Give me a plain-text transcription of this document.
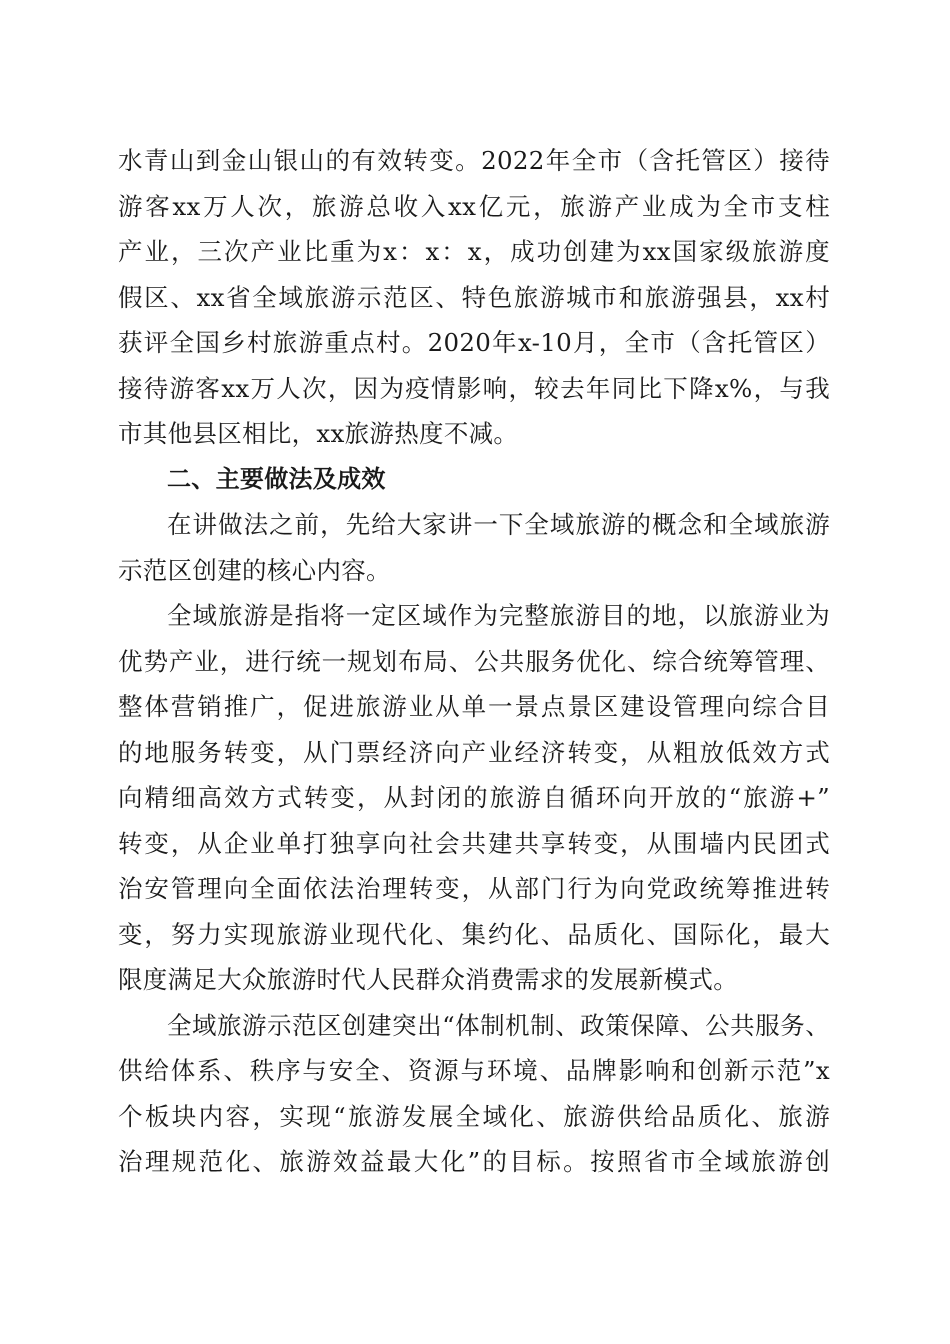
水青山到金山银山的有效转变。2022年全市（含托管区）接待
游客xx万人次，旅游总收入xx亿元，旅游产业成为全市支柱
产业，三次产业比重为x：x：x，成功创建为xx国家级旅游度
假区、xx省全域旅游示范区、特色旅游城市和旅游强县，xx村
获评全国乡村旅游重点村。2020年x-10月，全市（含托管区）
接待游客xx万人次，因为疫情影响，较去年同比下降x%，与我
市其他县区相比，xx旅游热度不减。
二、主要做法及成效
在讲做法之前，先给大家讲一下全域旅游的概念和全域旅游
示范区创建的核心内容。
全域旅游是指将一定区域作为完整旅游目的地，以旅游业为
优势产业，进行统一规划布局、公共服务优化、综合统筹管理、
整体营销推广，促进旅游业从单一景点景区建设管理向综合目
的地服务转变，从门票经济向产业经济转变，从粗放低效方式
向精细高效方式转变，从封闭的旅游自循环向开放的“旅游+”
转变，从企业单打独享向社会共建共享转变，从围墙内民团式
治安管理向全面依法治理转变，从部门行为向党政统筹推进转
变，努力实现旅游业现代化、集约化、品质化、国际化，最大
限度满足大众旅游时代人民群众消费需求的发展新模式。
全域旅游示范区创建突出“体制机制、政策保障、公共服务、
供给体系、秩序与安全、资源与环境、品牌影响和创新示范”x
个板块内容，实现“旅游发展全域化、旅游供给品质化、旅游
治理规范化、旅游效益最大化”的目标。按照省市全域旅游创
